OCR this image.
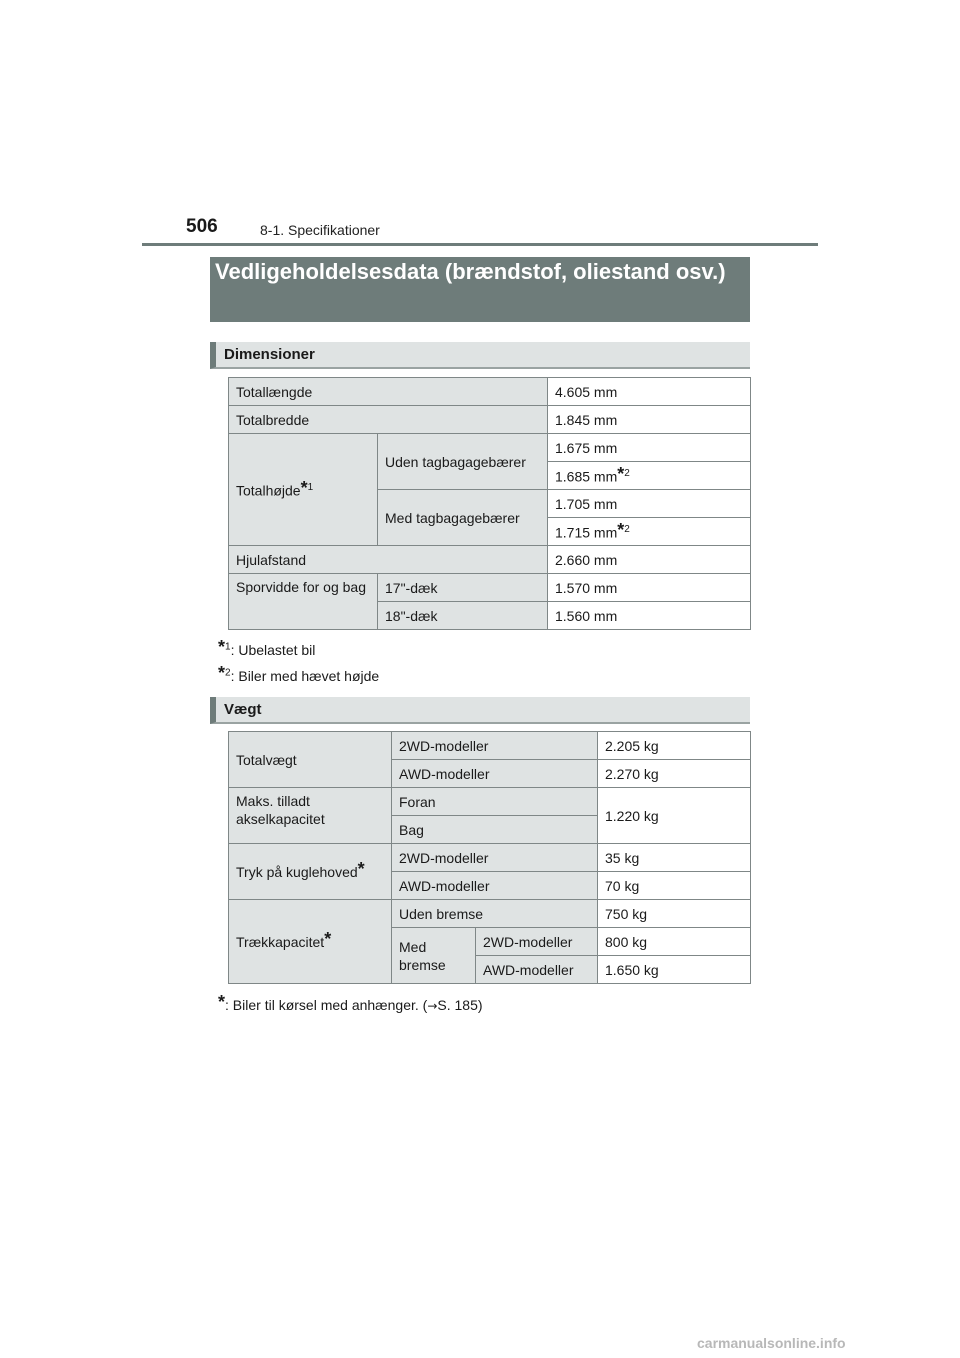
506	8-1. Specifikationer
Vedligeholdelsesdata (brændstof, oliestand osv.)
Dimensioner
Totallængde		4.605 mm
Totalbredde		1.845 mm
Totalhøjde*$^1$	Uden tagbagagebærer	1.675 mm
		1.685 mm*$^2$
	Med tagbagagebærer	1.705 mm
		1.715 mm*$^2$
Hjulafstand		2.660 mm
Sporvidde for og bag	17"-dæk	1.570 mm
	18"-dæk	1.560 mm
*$^1$: Ubelastet bil
*$^2$: Biler med hævet højde
Vægt
Totalvægt	2WD-modeller		2.205 kg
	AWD-modeller		2.270 kg
Maks. tilladt akselkapacitet	Foran		1.220 kg
	Bag		
Tryk på kuglehoved*	2WD-modeller		35 kg
	AWD-modeller		70 kg
Trækkapacitet*	Uden bremse		750 kg
	Med bremse	2WD-modeller	800 kg
		AWD-modeller	1.650 kg
*: Biler til kørsel med anhænger. (→S. 185)
carmanualsonline.info
